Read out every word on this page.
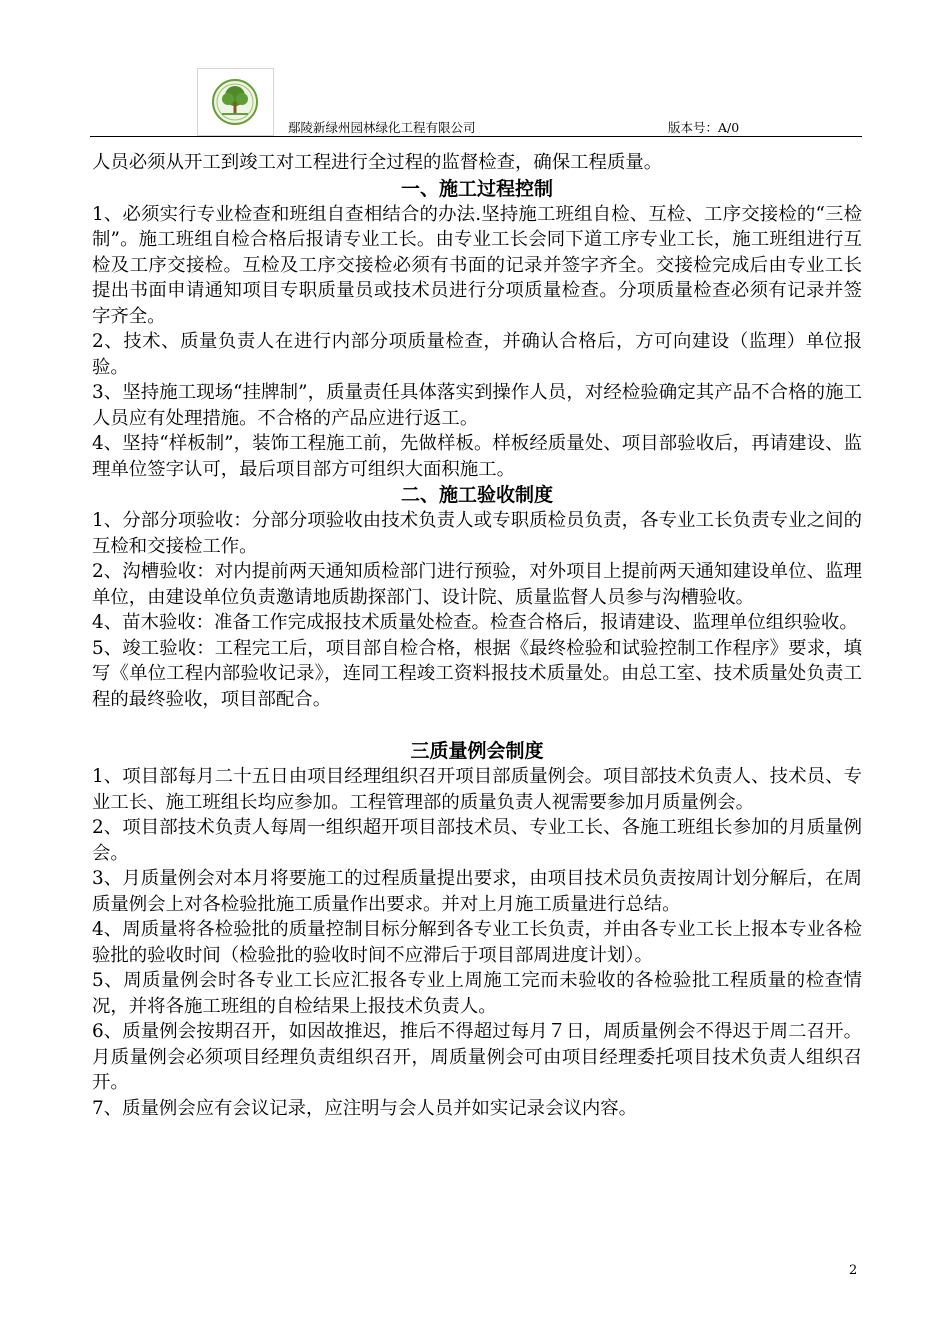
鄢陵新绿州园林绿化工程有限公司	版本号：A/0

人员必须从开工到竣工对工程进行全过程的监督检查，确保工程质量。

一、施工过程控制

1、必须实行专业检查和班组自查相结合的办法.坚持施工班组自检、互检、工序交接检的“三检制”。施工班组自检合格后报请专业工长。由专业工长会同下道工序专业工长，施工班组进行互检及工序交接检。互检及工序交接检必须有书面的记录并签字齐全。交接检完成后由专业工长提出书面申请通知项目专职质量员或技术员进行分项质量检查。分项质量检查必须有记录并签字齐全。

2、技术、质量负责人在进行内部分项质量检查，并确认合格后，方可向建设（监理）单位报验。

3、坚持施工现场“挂牌制”，质量责任具体落实到操作人员，对经检验确定其产品不合格的施工人员应有处理措施。不合格的产品应进行返工。

4、坚持“样板制”，装饰工程施工前，先做样板。样板经质量处、项目部验收后，再请建设、监理单位签字认可，最后项目部方可组织大面积施工。

二、施工验收制度

1、分部分项验收：分部分项验收由技术负责人或专职质检员负责，各专业工长负责专业之间的互检和交接检工作。

2、沟槽验收：对内提前两天通知质检部门进行预验，对外项目上提前两天通知建设单位、监理单位，由建设单位负责邀请地质勘探部门、设计院、质量监督人员参与沟槽验收。

4、苗木验收：准备工作完成报技术质量处检查。检查合格后，报请建设、监理单位组织验收。

5、竣工验收：工程完工后，项目部自检合格，根据《最终检验和试验控制工作程序》要求，填写《单位工程内部验收记录》，连同工程竣工资料报技术质量处。由总工室、技术质量处负责工程的最终验收，项目部配合。

三质量例会制度

1、项目部每月二十五日由项目经理组织召开项目部质量例会。项目部技术负责人、技术员、专业工长、施工班组长均应参加。工程管理部的质量负责人视需要参加月质量例会。

2、项目部技术负责人每周一组织超开项目部技术员、专业工长、各施工班组长参加的月质量例会。

3、月质量例会对本月将要施工的过程质量提出要求，由项目技术员负责按周计划分解后，在周质量例会上对各检验批施工质量作出要求。并对上月施工质量进行总结。

4、周质量将各检验批的质量控制目标分解到各专业工长负责，并由各专业工长上报本专业各检验批的验收时间（检验批的验收时间不应滞后于项目部周进度计划）。

5、周质量例会时各专业工长应汇报各专业上周施工完而未验收的各检验批工程质量的检查情况，并将各施工班组的自检结果上报技术负责人。

6、质量例会按期召开，如因故推迟，推后不得超过每月７日，周质量例会不得迟于周二召开。月质量例会必须项目经理负责组织召开，周质量例会可由项目经理委托项目技术负责人组织召开。

7、质量例会应有会议记录，应注明与会人员并如实记录会议内容。

2
